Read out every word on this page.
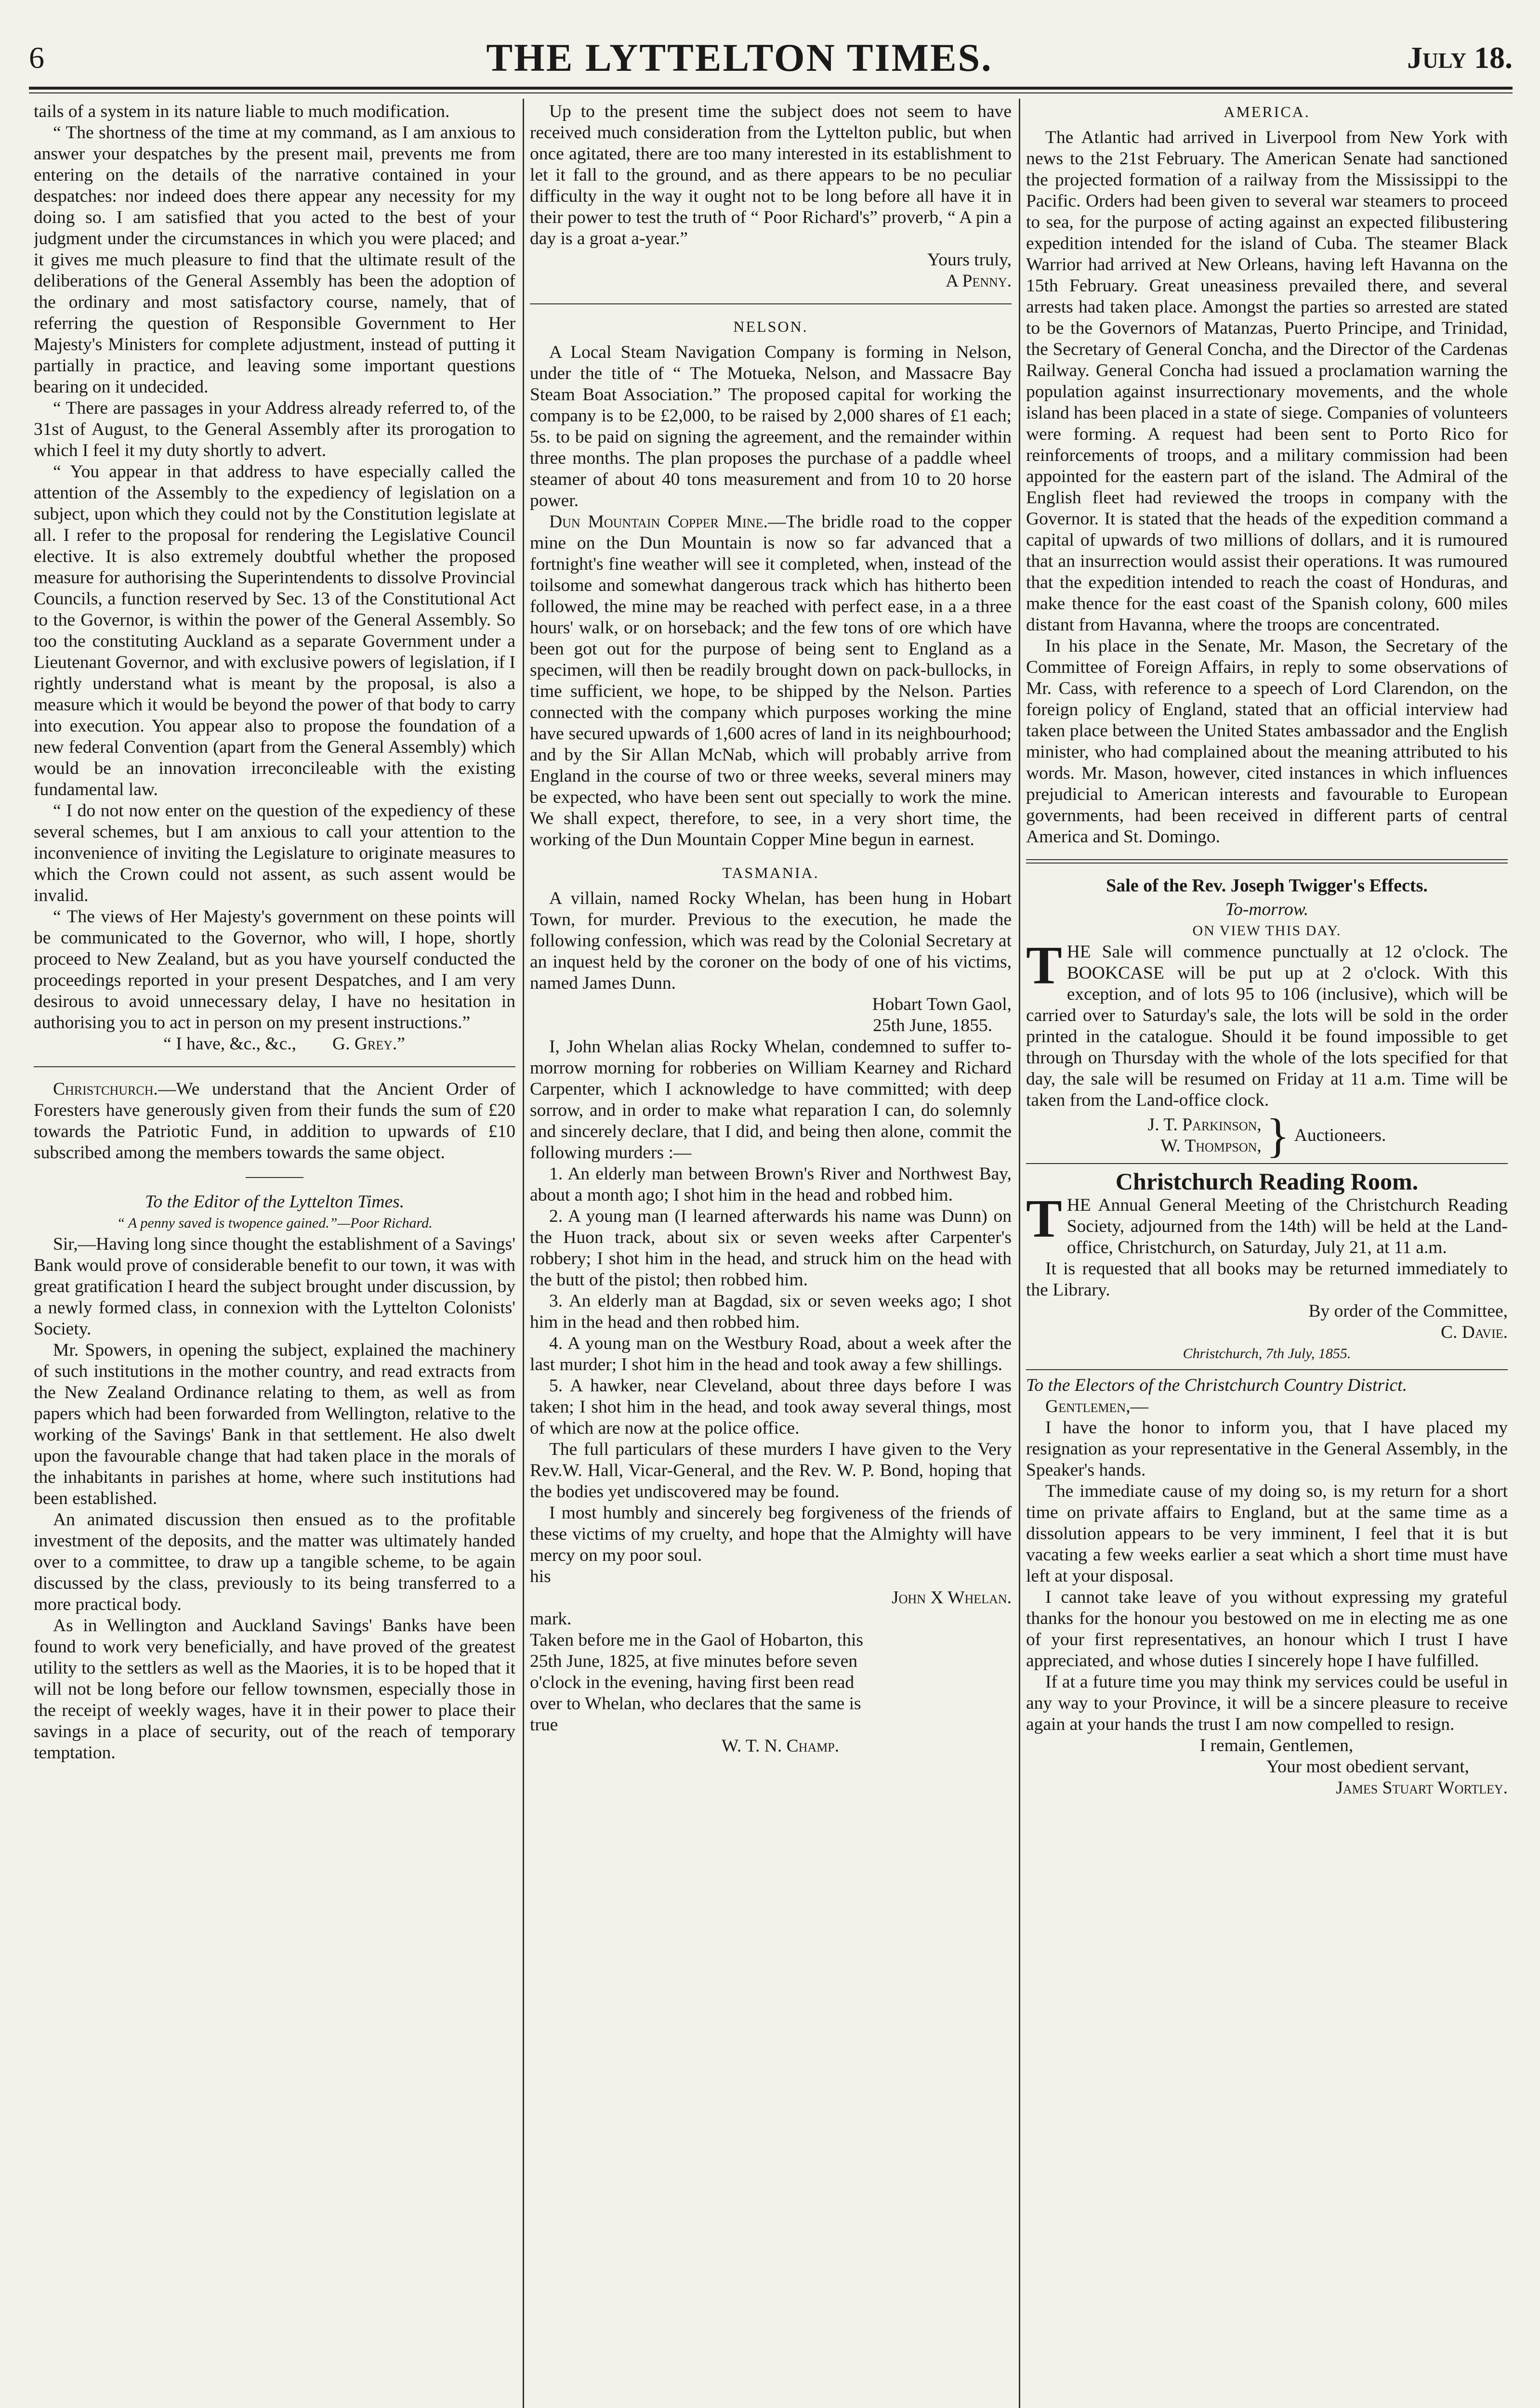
6	THE LYTTELTON TIMES.	July 18.

tails of a system in its nature liable to much modification.

“ The shortness of the time at my command, as I am anxious to answer your despatches by the present mail, prevents me from entering on the details of the narrative contained in your despatches: nor indeed does there appear any necessity for my doing so. I am satisfied that you acted to the best of your judgment under the circumstances in which you were placed; and it gives me much pleasure to find that the ultimate result of the deliberations of the General Assembly has been the adoption of the ordinary and most satisfactory course, namely, that of referring the question of Responsible Government to Her Majesty's Ministers for complete adjustment, instead of putting it partially in practice, and leaving some important questions bearing on it undecided.

“ There are passages in your Address already referred to, of the 31st of August, to the General Assembly after its prorogation to which I feel it my duty shortly to advert.

“ You appear in that address to have especially called the attention of the Assembly to the expediency of legislation on a subject, upon which they could not by the Constitution legislate at all. I refer to the proposal for rendering the Legislative Council elective. It is also extremely doubtful whether the proposed measure for authorising the Superintendents to dissolve Provincial Councils, a function reserved by Sec. 13 of the Constitutional Act to the Governor, is within the power of the General Assembly. So too the constituting Auckland as a separate Government under a Lieutenant Governor, and with exclusive powers of legislation, if I rightly understand what is meant by the proposal, is also a measure which it would be beyond the power of that body to carry into execution. You appear also to propose the foundation of a new federal Convention (apart from the General Assembly) which would be an innovation irreconcileable with the existing fundamental law.

“ I do not now enter on the question of the expediency of these several schemes, but I am anxious to call your attention to the inconvenience of inviting the Legislature to originate measures to which the Crown could not assent, as such assent would be invalid.

“ The views of Her Majesty's government on these points will be communicated to the Governor, who will, I hope, shortly proceed to New Zealand, but as you have yourself conducted the proceedings reported in your present Despatches, and I am very desirous to avoid unnecessary delay, I have no hesitation in authorising you to act in person on my present instructions.”

“ I have, &c., &c., G. Grey.”

Christchurch.—We understand that the Ancient Order of Foresters have generously given from their funds the sum of £20 towards the Patriotic Fund, in addition to upwards of £10 subscribed among the members towards the same object.

To the Editor of the Lyttelton Times.

“ A penny saved is twopence gained.”—Poor Richard.

Sir,—Having long since thought the establishment of a Savings' Bank would prove of considerable benefit to our town, it was with great gratification I heard the subject brought under discussion, by a newly formed class, in connexion with the Lyttelton Colonists' Society.

Mr. Spowers, in opening the subject, explained the machinery of such institutions in the mother country, and read extracts from the New Zealand Ordinance relating to them, as well as from papers which had been forwarded from Wellington, relative to the working of the Savings' Bank in that settlement. He also dwelt upon the favourable change that had taken place in the morals of the inhabitants in parishes at home, where such institutions had been established.

An animated discussion then ensued as to the profitable investment of the deposits, and the matter was ultimately handed over to a committee, to draw up a tangible scheme, to be again discussed by the class, previously to its being transferred to a more practical body.

As in Wellington and Auckland Savings' Banks have been found to work very beneficially, and have proved of the greatest utility to the settlers as well as the Maories, it is to be hoped that it will not be long before our fellow townsmen, especially those in the receipt of weekly wages, have it in their power to place their savings in a place of security, out of the reach of temporary temptation.

Up to the present time the subject does not seem to have received much consideration from the Lyttelton public, but when once agitated, there are too many interested in its establishment to let it fall to the ground, and as there appears to be no peculiar difficulty in the way it ought not to be long before all have it in their power to test the truth of “ Poor Richard's” proverb, “ A pin a day is a groat a-year.”

Yours truly,

A Penny.

NELSON.

A Local Steam Navigation Company is forming in Nelson, under the title of “ The Motueka, Nelson, and Massacre Bay Steam Boat Association.” The proposed capital for working the company is to be £2,000, to be raised by 2,000 shares of £1 each; 5s. to be paid on signing the agreement, and the remainder within three months. The plan proposes the purchase of a paddle wheel steamer of about 40 tons measurement and from 10 to 20 horse power.

Dun Mountain Copper Mine.—The bridle road to the copper mine on the Dun Mountain is now so far advanced that a fortnight's fine weather will see it completed, when, instead of the toilsome and somewhat dangerous track which has hitherto been followed, the mine may be reached with perfect ease, in a a three hours' walk, or on horseback; and the few tons of ore which have been got out for the purpose of being sent to England as a specimen, will then be readily brought down on pack-bullocks, in time sufficient, we hope, to be shipped by the Nelson. Parties connected with the company which purposes working the mine have secured upwards of 1,600 acres of land in its neighbourhood; and by the Sir Allan McNab, which will probably arrive from England in the course of two or three weeks, several miners may be expected, who have been sent out specially to work the mine. We shall expect, therefore, to see, in a very short time, the working of the Dun Mountain Copper Mine begun in earnest.

TASMANIA.

A villain, named Rocky Whelan, has been hung in Hobart Town, for murder. Previous to the execution, he made the following confession, which was read by the Colonial Secretary at an inquest held by the coroner on the body of one of his victims, named James Dunn.

Hobart Town Gaol,

25th June, 1855.

I, John Whelan alias Rocky Whelan, condemned to suffer to-morrow morning for robberies on William Kearney and Richard Carpenter, which I acknowledge to have committed; with deep sorrow, and in order to make what reparation I can, do solemnly and sincerely declare, that I did, and being then alone, commit the following murders :—

1. An elderly man between Brown's River and Northwest Bay, about a month ago; I shot him in the head and robbed him.

2. A young man (I learned afterwards his name was Dunn) on the Huon track, about six or seven weeks after Carpenter's robbery; I shot him in the head, and struck him on the head with the butt of the pistol; then robbed him.

3. An elderly man at Bagdad, six or seven weeks ago; I shot him in the head and then robbed him.

4. A young man on the Westbury Road, about a week after the last murder; I shot him in the head and took away a few shillings.

5. A hawker, near Cleveland, about three days before I was taken; I shot him in the head, and took away several things, most of which are now at the police office.

The full particulars of these murders I have given to the Very Rev.W. Hall, Vicar-General, and the Rev. W. P. Bond, hoping that the bodies yet undiscovered may be found.

I most humbly and sincerely beg forgiveness of the friends of these victims of my cruelty, and hope that the Almighty will have mercy on my poor soul.

his

John X Whelan.

mark.

Taken before me in the Gaol of Hobarton, this 25th June, 1825, at five minutes before seven o'clock in the evening, having first been read over to Whelan, who declares that the same is true

W. T. N. Champ.

AMERICA.

The Atlantic had arrived in Liverpool from New York with news to the 21st February. The American Senate had sanctioned the projected formation of a railway from the Mississippi to the Pacific. Orders had been given to several war steamers to proceed to sea, for the purpose of acting against an expected filibustering expedition intended for the island of Cuba. The steamer Black Warrior had arrived at New Orleans, having left Havanna on the 15th February. Great uneasiness prevailed there, and several arrests had taken place. Amongst the parties so arrested are stated to be the Governors of Matanzas, Puerto Principe, and Trinidad, the Secretary of General Concha, and the Director of the Cardenas Railway. General Concha had issued a proclamation warning the population against insurrectionary movements, and the whole island has been placed in a state of siege. Companies of volunteers were forming. A request had been sent to Porto Rico for reinforcements of troops, and a military commission had been appointed for the eastern part of the island. The Admiral of the English fleet had reviewed the troops in company with the Governor. It is stated that the heads of the expedition command a capital of upwards of two millions of dollars, and it is rumoured that an insurrection would assist their operations. It was rumoured that the expedition intended to reach the coast of Honduras, and make thence for the east coast of the Spanish colony, 600 miles distant from Havanna, where the troops are concentrated.

In his place in the Senate, Mr. Mason, the Secretary of the Committee of Foreign Affairs, in reply to some observations of Mr. Cass, with reference to a speech of Lord Clarendon, on the foreign policy of England, stated that an official interview had taken place between the United States ambassador and the English minister, who had complained about the meaning attributed to his words. Mr. Mason, however, cited instances in which influences prejudicial to American interests and favourable to European governments, had been received in different parts of central America and St. Domingo.

Sale of the Rev. Joseph Twigger's Effects.

To-morrow.

ON VIEW THIS DAY.

THE Sale will commence punctually at 12 o'clock. The BOOKCASE will be put up at 2 o'clock. With this exception, and of lots 95 to 106 (inclusive), which will be carried over to Saturday's sale, the lots will be sold in the order printed in the catalogue. Should it be found impossible to get through on Thursday with the whole of the lots specified for that day, the sale will be resumed on Friday at 11 a.m. Time will be taken from the Land-office clock.

J. T. Parkinson,
W. Thompson, } Auctioneers.
Christchurch Reading Room.

THE Annual General Meeting of the Christchurch Reading Society, adjourned from the 14th) will be held at the Land-office, Christchurch, on Saturday, July 21, at 11 a.m.

It is requested that all books may be returned immediately to the Library.

By order of the Committee,

C. Davie.

Christchurch, 7th July, 1855.

To the Electors of the Christchurch Country District.

Gentlemen,—

I have the honor to inform you, that I have placed my resignation as your representative in the General Assembly, in the Speaker's hands.

The immediate cause of my doing so, is my return for a short time on private affairs to England, but at the same time as a dissolution appears to be very imminent, I feel that it is but vacating a few weeks earlier a seat which a short time must have left at your disposal.

I cannot take leave of you without expressing my grateful thanks for the honour you bestowed on me in electing me as one of your first representatives, an honour which I trust I have appreciated, and whose duties I sincerely hope I have fulfilled.

If at a future time you may think my services could be useful in any way to your Province, it will be a sincere pleasure to receive again at your hands the trust I am now compelled to resign.

I remain, Gentlemen,

Your most obedient servant,

James Stuart Wortley.
